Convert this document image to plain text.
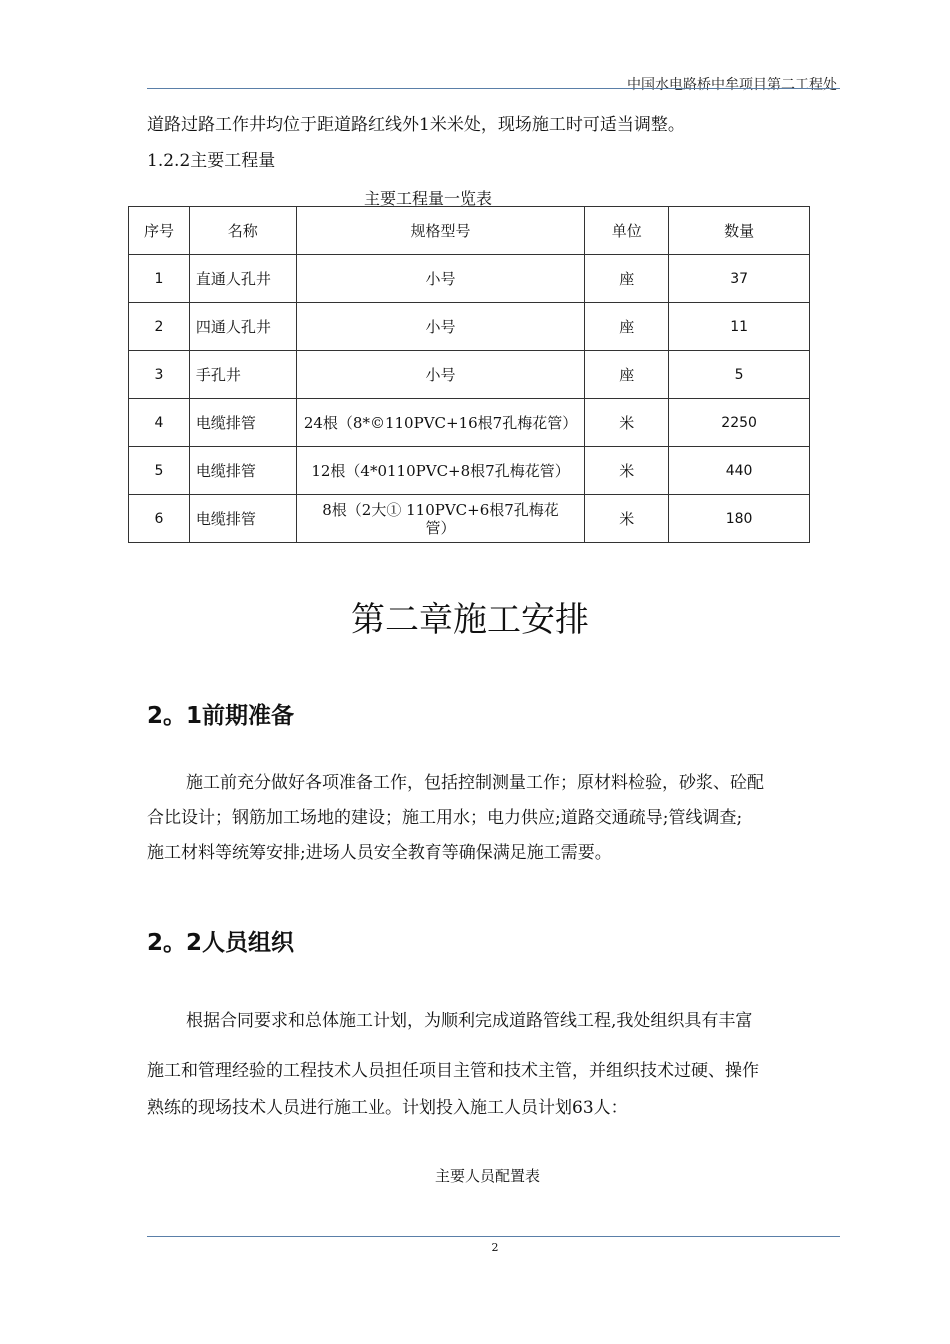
中国水电路桥中牟项目第二工程处
道路过路工作井均位于距道路红线外1米米处，现场施工时可适当调整。
1.2.2主要工程量
主要工程量一览表
序号	名称	规格型号	单位	数量
1	直通人孔井	小号	座	37
2	四通人孔井	小号	座	11
3	手孔井	小号	座	5
4	电缆排管	24根（8*©110PVC+16根7孔梅花管）	米	2250
5	电缆排管	12根（4*0110PVC+8根7孔梅花管）	米	440
6	电缆排管	8根（2大① 110PVC+6根7孔梅花管）	米	180
第二章施工安排
2。1前期准备
施工前充分做好各项准备工作，包括控制测量工作；原材料检验，砂浆、砼配
合比设计；钢筋加工场地的建设；施工用水；电力供应;道路交通疏导;管线调查;
施工材料等统筹安排;进场人员安全教育等确保满足施工需要。
2。2人员组织
根据合同要求和总体施工计划，为顺利完成道路管线工程,我处组织具有丰富
施工和管理经验的工程技术人员担任项目主管和技术主管，并组织技术过硬、操作
熟练的现场技术人员进行施工业。计划投入施工人员计划63人：
主要人员配置表
2
